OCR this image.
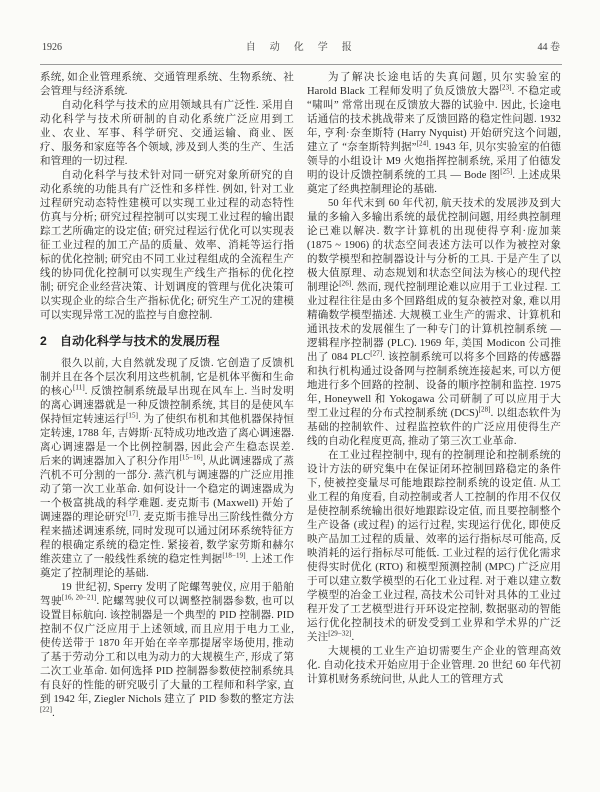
1926	自　动　化　学　报	44 卷

系统, 如企业管理系统、交通管理系统、生物系统、社会管理与经济系统.

自动化科学与技术的应用领域具有广泛性. 采用自动化科学与技术所研制的自动化系统广泛应用到工业、农业、军事、科学研究、交通运输、商业、医疗、服务和家庭等各个领域, 涉及到人类的生产、生活和管理的一切过程.

自动化科学与技术针对同一研究对象所研究的自动化系统的功能具有广泛性和多样性. 例如, 针对工业过程研究动态特性建模可以实现工业过程的动态特性仿真与分析; 研究过程控制可以实现工业过程的输出跟踪工艺所确定的设定值; 研究过程运行优化可以实现表征工业过程的加工产品的质量、效率、消耗等运行指标的优化控制; 研究由不同工业过程组成的全流程生产线的协同优化控制可以实现生产线生产指标的优化控制; 研究企业经营决策、计划调度的管理与优化决策可以实现企业的综合生产指标优化; 研究生产工况的建模可以实现异常工况的监控与自愈控制.

2 自动化科学与技术的发展历程

很久以前, 大自然就发现了反馈. 它创造了反馈机制并且在各个层次利用这些机制, 它是机体平衡和生命的核心[11]. 反馈控制系统最早出现在风车上. 当时发明的离心调速器就是一种反馈控制系统, 其目的是使风车保持恒定转速运行[15]. 为了使织布机和其他机器保持恒定转速, 1788 年, 吉姆斯·瓦特成功地改造了离心调速器. 离心调速器是一个比例控制器, 因此会产生稳态误差. 后来的调速器加入了积分作用[15−16], 从此调速器成了蒸汽机不可分割的一部分. 蒸汽机与调速器的广泛应用推动了第一次工业革命. 如何设计一个稳定的调速器成为一个极富挑战的科学难题. 麦克斯韦 (Maxwell) 开始了调速器的理论研究[17]. 麦克斯韦推导出三阶线性微分方程来描述调速系统, 同时发现可以通过闭环系统特征方程的根确定系统的稳定性. 紧接着, 数学家劳斯和赫尔维茨建立了一般线性系统的稳定性判据[18−19]. 上述工作奠定了控制理论的基础.

19 世纪初, Sperry 发明了陀螺驾驶仪, 应用于船舶驾驶[16, 20−21]. 陀螺驾驶仪可以调整控制器参数, 也可以设置目标航向. 该控制器是一个典型的 PID 控制器. PID 控制不仅广泛应用于上述领域, 而且应用于电力工业, 使传送带于 1870 年开始在辛辛那提屠宰场使用, 推动了基于劳动分工和以电为动力的大规模生产, 形成了第二次工业革命. 如何选择 PID 控制器参数使控制系统具有良好的性能的研究吸引了大量的工程师和科学家, 直到 1942 年, Ziegler Nichols 建立了 PID 参数的整定方法[22].

为了解决长途电话的失真问题, 贝尔实验室的 Harold Black 工程师发明了负反馈放大器[23]. 不稳定或 “啸叫” 常常出现在反馈放大器的试验中. 因此, 长途电话通信的技术挑战带来了反馈回路的稳定性问题. 1932 年, 亨利·奈奎斯特 (Harry Nyquist) 开始研究这个问题, 建立了 “奈奎斯特判据”[24]. 1943 年, 贝尔实验室的伯德领导的小组设计 M9 火炮指挥控制系统, 采用了伯德发明的设计反馈控制系统的工具 — Bode 图[25]. 上述成果奠定了经典控制理论的基础.

50 年代末到 60 年代初, 航天技术的发展涉及到大量的多输入多输出系统的最优控制问题, 用经典控制理论已难以解决. 数字计算机的出现使得亨利·庞加莱 (1875 ~ 1906) 的状态空间表述方法可以作为被控对象的数学模型和控制器设计与分析的工具. 于是产生了以极大值原理、动态规划和状态空间法为核心的现代控制理论[26]. 然而, 现代控制理论难以应用于工业过程. 工业过程往往是由多个回路组成的复杂被控对象, 难以用精确数学模型描述. 大规模工业生产的需求、计算机和通讯技术的发展催生了一种专门的计算机控制系统 — 逻辑程序控制器 (PLC). 1969 年, 美国 Modicon 公司推出了 084 PLC[27]. 该控制系统可以将多个回路的传感器和执行机构通过设备网与控制系统连接起来, 可以方便地进行多个回路的控制、设备的顺序控制和监控. 1975 年, Honeywell 和 Yokogawa 公司研制了可以应用于大型工业过程的分布式控制系统 (DCS)[28]. 以组态软件为基础的控制软件、过程监控软件的广泛应用使得生产线的自动化程度更高, 推动了第三次工业革命.

在工业过程控制中, 现有的控制理论和控制系统的设计方法的研究集中在保证闭环控制回路稳定的条件下, 使被控变量尽可能地跟踪控制系统的设定值. 从工业工程的角度看, 自动控制或者人工控制的作用不仅仅是使控制系统输出很好地跟踪设定值, 而且要控制整个生产设备 (或过程) 的运行过程, 实现运行优化, 即使反映产品加工过程的质量、效率的运行指标尽可能高, 反映消耗的运行指标尽可能低. 工业过程的运行优化需求使得实时优化 (RTO) 和模型预测控制 (MPC) 广泛应用于可以建立数学模型的石化工业过程. 对于难以建立数学模型的冶金工业过程, 高技术公司针对具体的工业过程开发了工艺模型进行开环设定控制, 数据驱动的智能运行优化控制技术的研发受到工业界和学术界的广泛关注[29−32].

大规模的工业生产迫切需要生产企业的管理高效化. 自动化技术开始应用于企业管理. 20 世纪 60 年代初计算机财务系统问世, 从此人工的管理方式
